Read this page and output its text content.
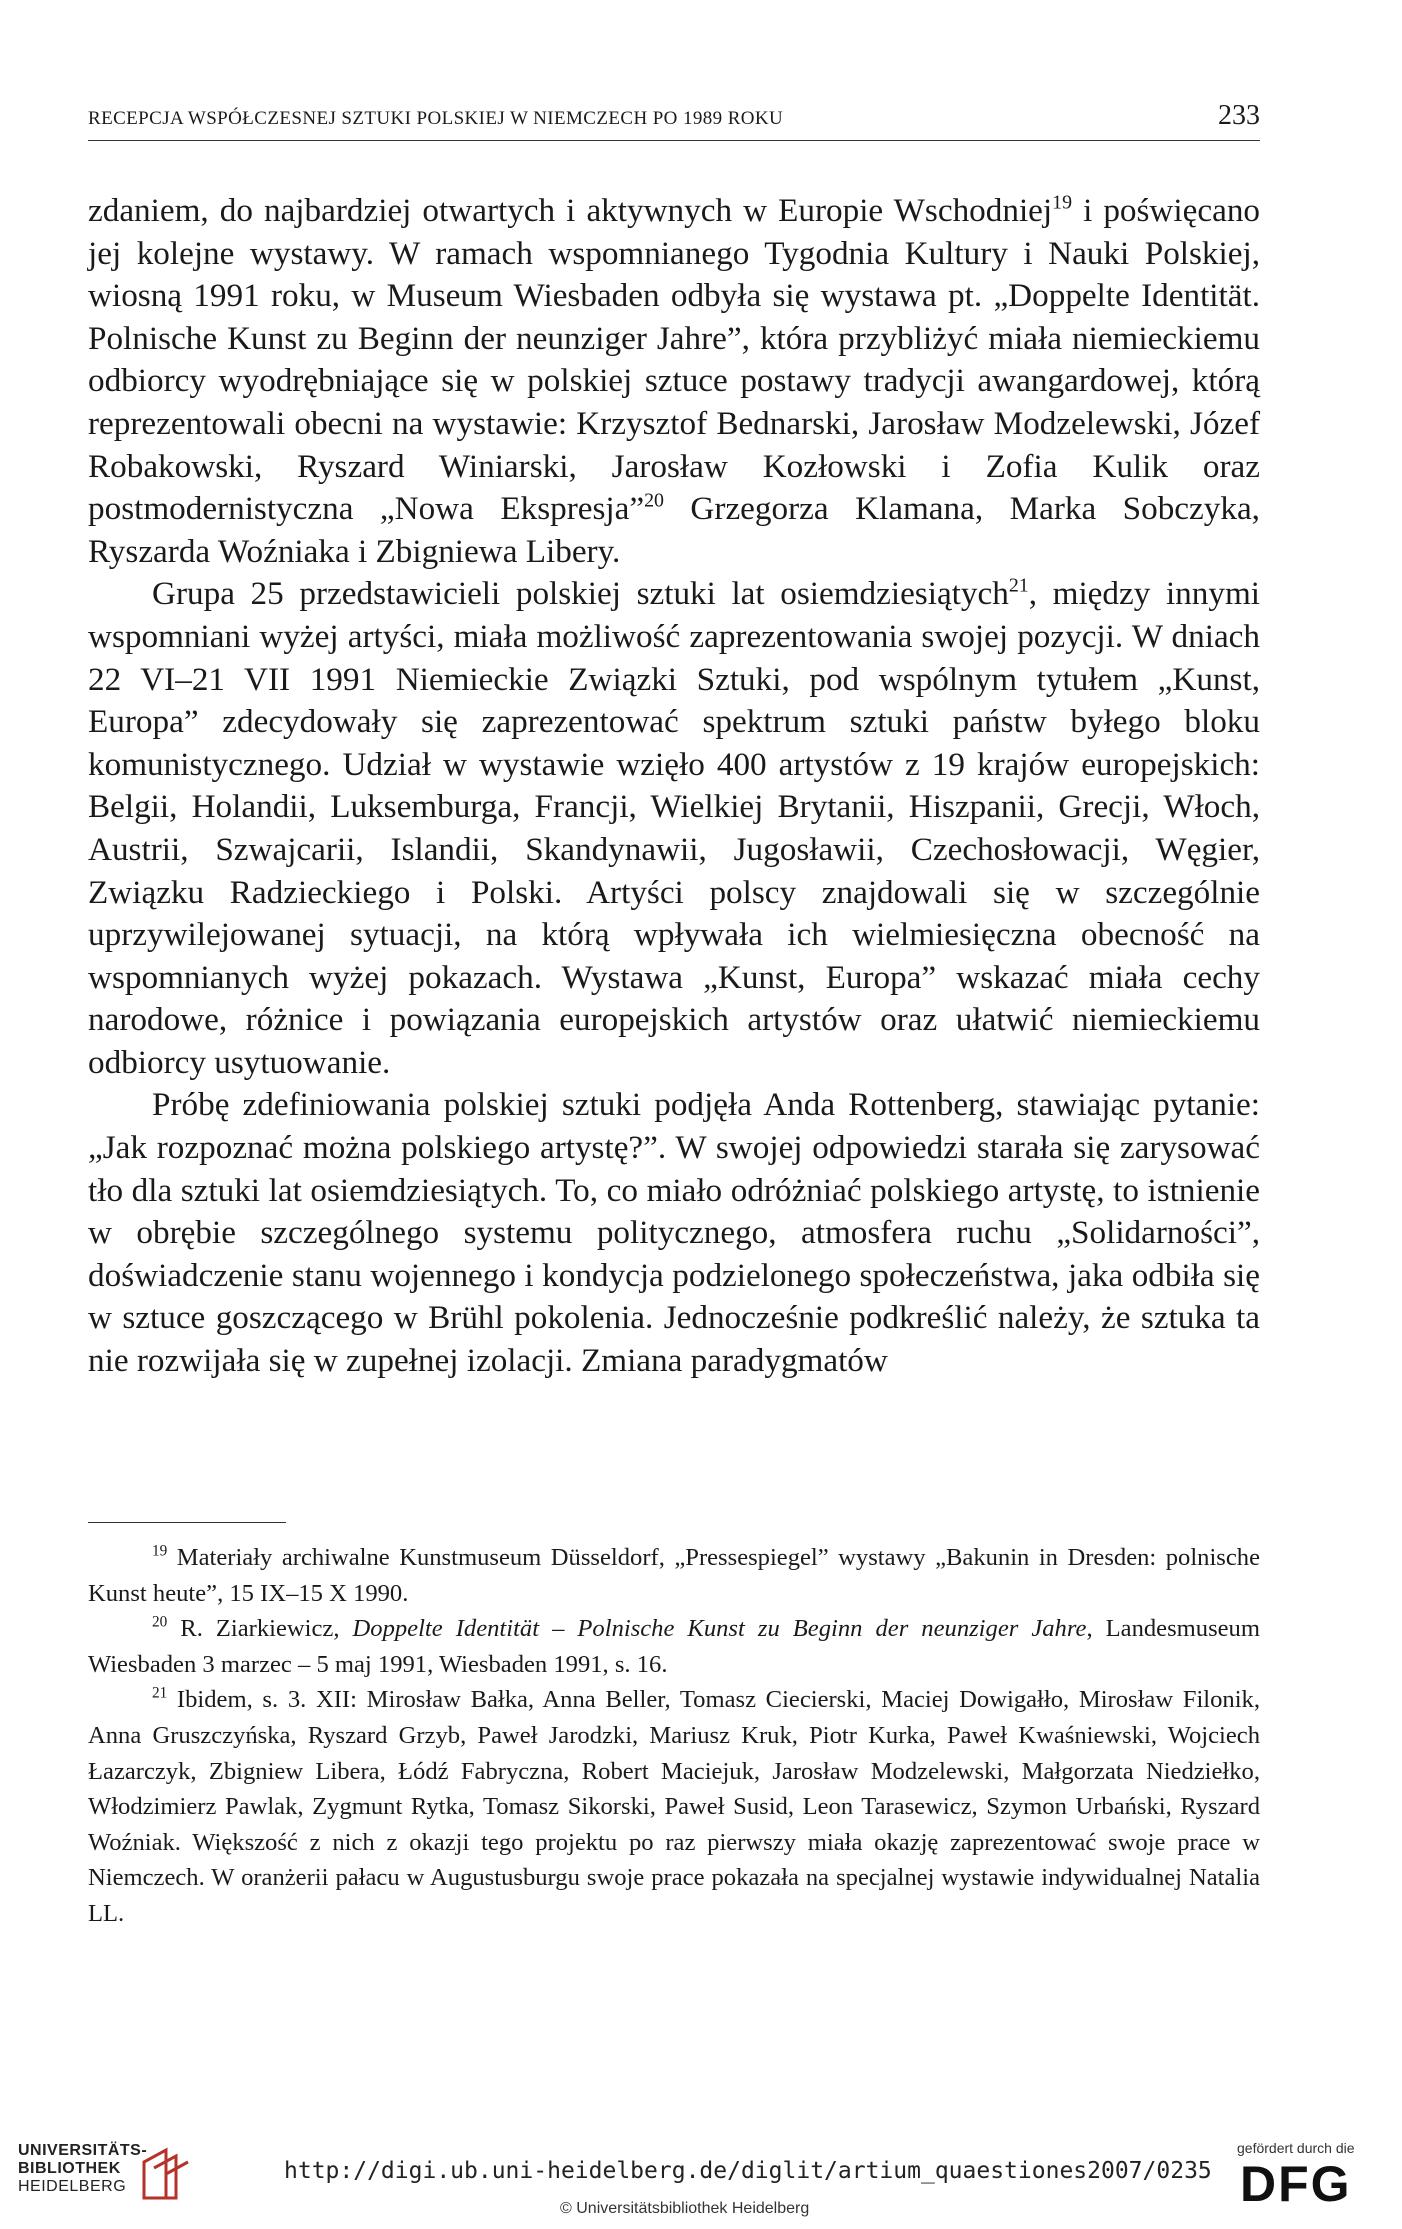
RECEPCJA WSPÓŁCZESNEJ SZTUKI POLSKIEJ W NIEMCZECH PO 1989 ROKU	233

zdaniem, do najbardziej otwartych i aktywnych w Europie Wschodniej$^{19}$ i poświęcano jej kolejne wystawy. W ramach wspomnianego Tygodnia Kultury i Nauki Polskiej, wiosną 1991 roku, w Museum Wiesbaden odbyła się wystawa pt. „Doppelte Identität. Polnische Kunst zu Beginn der neunziger Jahre”, która przybliżyć miała niemieckiemu odbiorcy wyodrębniające się w polskiej sztuce postawy tradycji awangardowej, którą reprezentowali obecni na wystawie: Krzysztof Bednarski, Jarosław Modzelewski, Józef Robakowski, Ryszard Winiarski, Jarosław Kozłowski i Zofia Kulik oraz postmodernistyczna „Nowa Ekspresja”$^{20}$ Grzegorza Klamana, Marka Sobczyka, Ryszarda Woźniaka i Zbigniewa Libery.

Grupa 25 przedstawicieli polskiej sztuki lat osiemdziesiątych$^{21}$, między innymi wspomniani wyżej artyści, miała możliwość zaprezentowania swojej pozycji. W dniach 22 VI–21 VII 1991 Niemieckie Związki Sztuki, pod wspólnym tytułem „Kunst, Europa” zdecydowały się zaprezentować spektrum sztuki państw byłego bloku komunistycznego. Udział w wystawie wzięło 400 artystów z 19 krajów europejskich: Belgii, Holandii, Luksemburga, Francji, Wielkiej Brytanii, Hiszpanii, Grecji, Włoch, Austrii, Szwajcarii, Islandii, Skandynawii, Jugosławii, Czechosłowacji, Węgier, Związku Radzieckiego i Polski. Artyści polscy znajdowali się w szczególnie uprzywilejowanej sytuacji, na którą wpływała ich wielmiesięczna obecność na wspomnianych wyżej pokazach. Wystawa „Kunst, Europa” wskazać miała cechy narodowe, różnice i powiązania europejskich artystów oraz ułatwić niemieckiemu odbiorcy usytuowanie.

Próbę zdefiniowania polskiej sztuki podjęła Anda Rottenberg, stawiając pytanie: „Jak rozpoznać można polskiego artystę?”. W swojej odpowiedzi starała się zarysować tło dla sztuki lat osiemdziesiątych. To, co miało odróżniać polskiego artystę, to istnienie w obrębie szczególnego systemu politycznego, atmosfera ruchu „Solidarności”, doświadczenie stanu wojennego i kondycja podzielonego społeczeństwa, jaka odbiła się w sztuce goszczącego w Brühl pokolenia. Jednocześnie podkreślić należy, że sztuka ta nie rozwijała się w zupełnej izolacji. Zmiana paradygmatów

$^{19}$ Materiały archiwalne Kunstmuseum Düsseldorf, „Pressespiegel” wystawy „Bakunin in Dresden: polnische Kunst heute”, 15 IX–15 X 1990.

$^{20}$ R. Ziarkiewicz, Doppelte Identität – Polnische Kunst zu Beginn der neunziger Jahre, Landesmuseum Wiesbaden 3 marzec – 5 maj 1991, Wiesbaden 1991, s. 16.

$^{21}$ Ibidem, s. 3. XII: Mirosław Bałka, Anna Beller, Tomasz Ciecierski, Maciej Dowigałło, Mirosław Filonik, Anna Gruszczyńska, Ryszard Grzyb, Paweł Jarodzki, Mariusz Kruk, Piotr Kurka, Paweł Kwaśniewski, Wojciech Łazarczyk, Zbigniew Libera, Łódź Fabryczna, Robert Maciejuk, Jarosław Modzelewski, Małgorzata Niedziełko, Włodzimierz Pawlak, Zygmunt Rytka, Tomasz Sikorski, Paweł Susid, Leon Tarasewicz, Szymon Urbański, Ryszard Woźniak. Większość z nich z okazji tego projektu po raz pierwszy miała okazję zaprezentować swoje prace w Niemczech. W oranżerii pałacu w Augustusburgu swoje prace pokazała na specjalnej wystawie indywidualnej Natalia LL.

UNIVERSITÄTS-
BIBLIOTHEK
HEIDELBERG
http://digi.ub.uni-heidelberg.de/diglit/artium_quaestiones2007/0235
© Universitätsbibliothek Heidelberg
gefördert durch die
DFG
